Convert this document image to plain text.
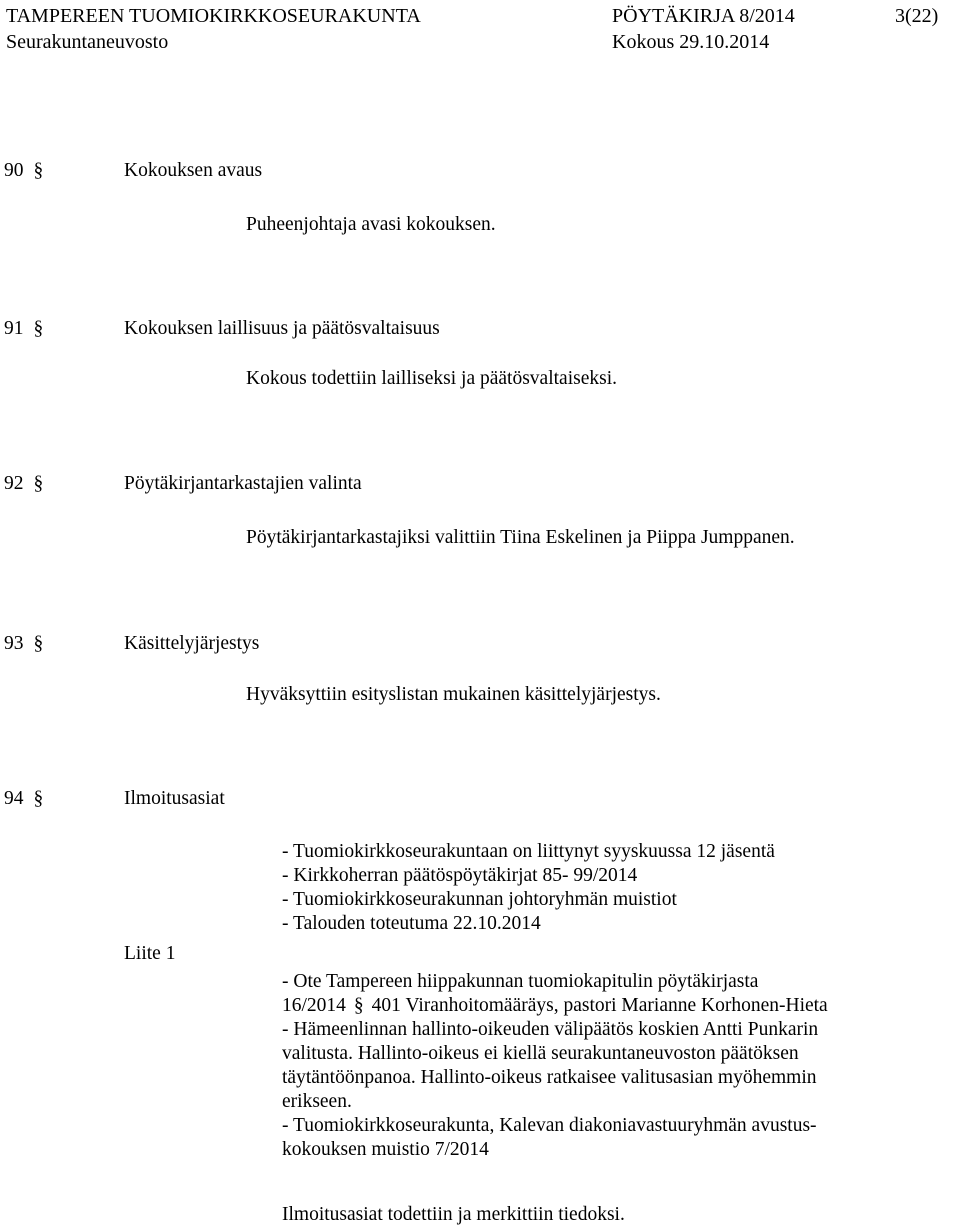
TAMPEREEN TUOMIOKIRKKOSEURAKUNTA	PÖYTÄKIRJA 8/2014	3(22)
Seurakuntaneuvosto	Kokous 29.10.2014
90 §	Kokouksen avaus
Puheenjohtaja avasi kokouksen.
91 §	Kokouksen laillisuus ja päätösvaltaisuus
Kokous todettiin lailliseksi ja päätösvaltaiseksi.
92 §	Pöytäkirjantarkastajien valinta
Pöytäkirjantarkastajiksi valittiin Tiina Eskelinen ja Piippa Jumppanen.
93 §	Käsittelyjärjestys
Hyväksyttiin esityslistan mukainen käsittelyjärjestys.
94 §	Ilmoitusasiat
Liite 1
- Tuomiokirkkoseurakuntaan on liittynyt syyskuussa 12 jäsentä
- Kirkkoherran päätöspöytäkirjat 85- 99/2014
- Tuomiokirkkoseurakunnan johtoryhmän muistiot
- Talouden toteutuma 22.10.2014
- Ote Tampereen hiippakunnan tuomiokapitulin pöytäkirjasta
16/2014 § 401 Viranhoitomääräys, pastori Marianne Korhonen-Hieta
- Hämeenlinnan hallinto-oikeuden välipäätös koskien Antti Punkarin
valitusta. Hallinto-oikeus ei kiellä seurakuntaneuvoston päätöksen
täytäntöönpanoa. Hallinto-oikeus ratkaisee valitusasian myöhemmin
erikseen.
- Tuomiokirkkoseurakunta, Kalevan diakoniavastuuryhmän avustus-
kokouksen muistio 7/2014
Ilmoitusasiat todettiin ja merkittiin tiedoksi.
